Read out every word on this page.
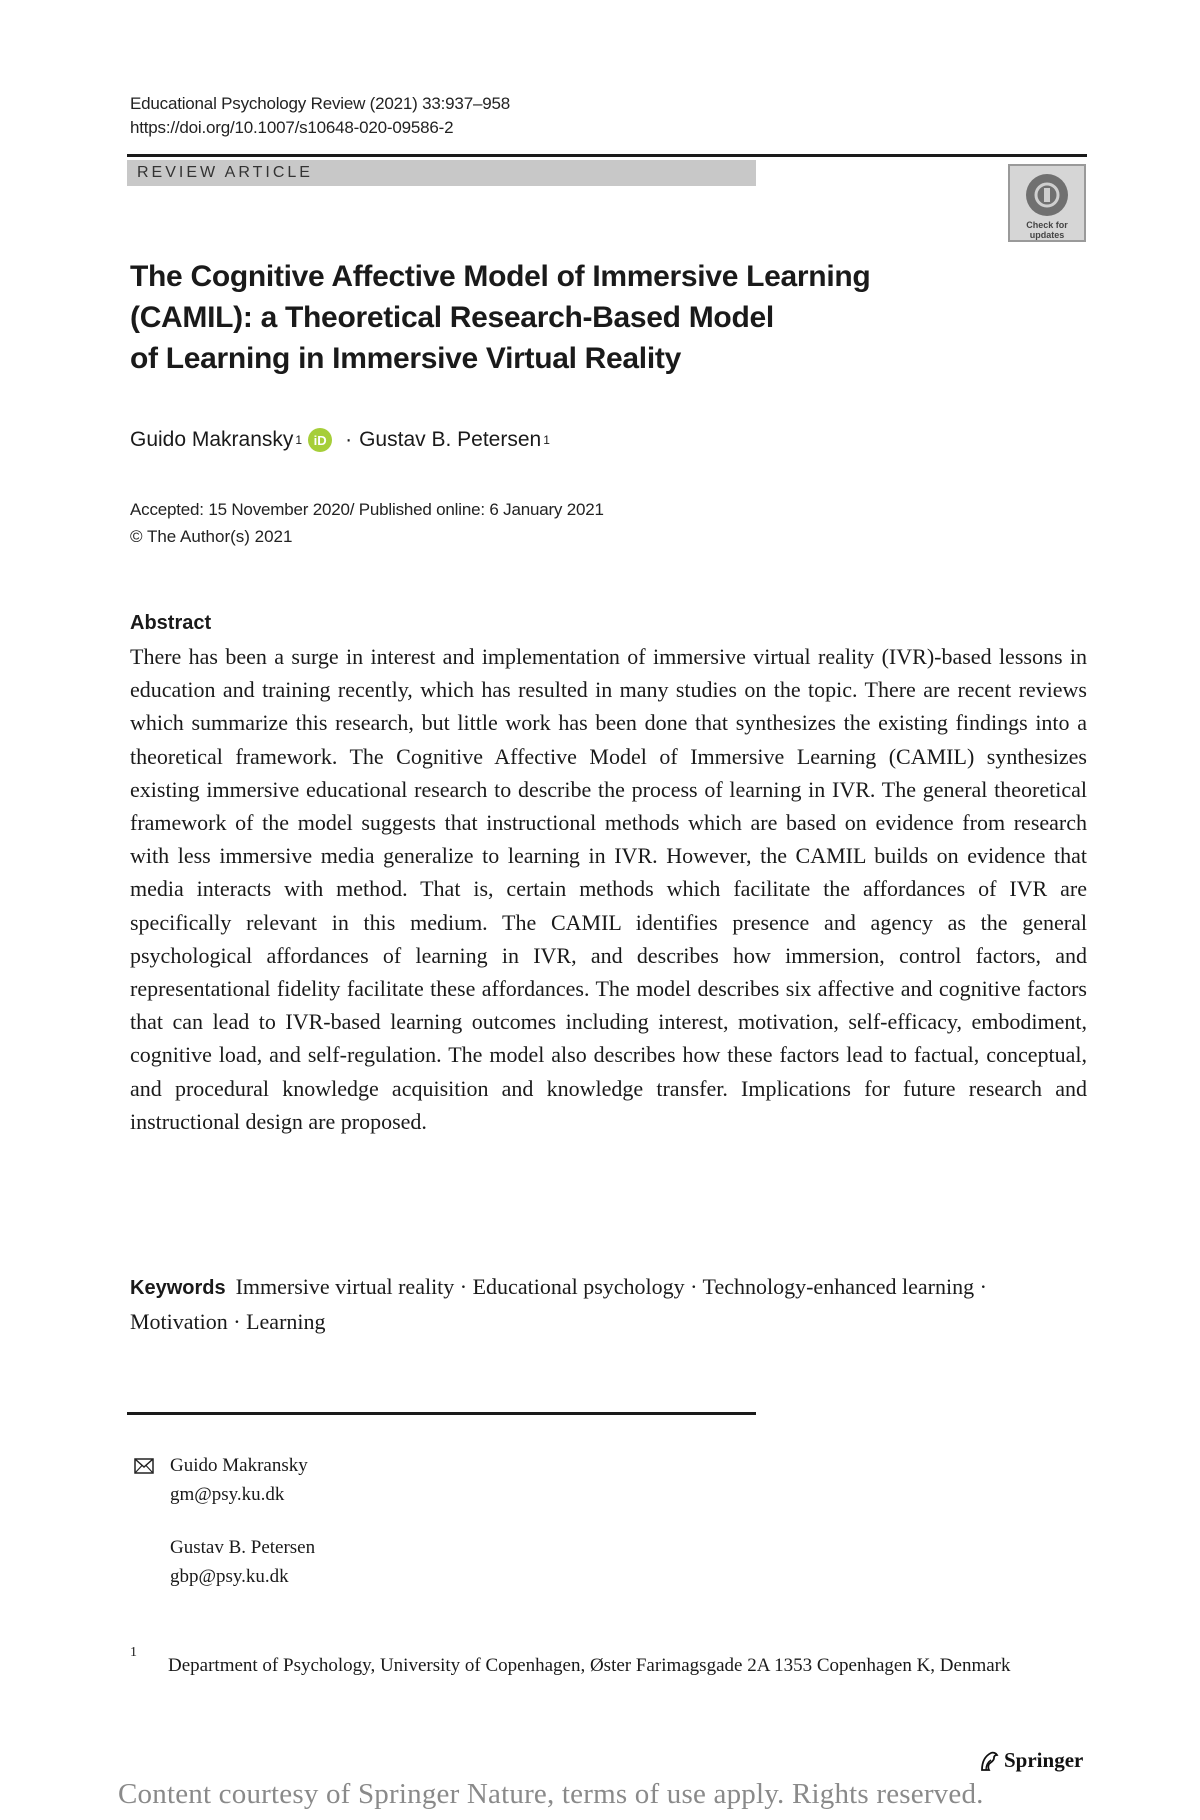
Educational Psychology Review (2021) 33:937–958
https://doi.org/10.1007/s10648-020-09586-2
REVIEW ARTICLE
Check for updates
The Cognitive Affective Model of Immersive Learning
(CAMIL): a Theoretical Research-Based Model
of Learning in Immersive Virtual Reality
Guido Makransky 1 iD · Gustav B. Petersen 1
Accepted: 15 November 2020/ Published online: 6 January 2021
© The Author(s) 2021
Abstract

There has been a surge in interest and implementation of immersive virtual reality (IVR)-based lessons in education and training recently, which has resulted in many studies on the topic. There are recent reviews which summarize this research, but little work has been done that synthesizes the existing findings into a theoretical framework. The Cognitive Affective Model of Immersive Learning (CAMIL) synthesizes existing immersive educational research to describe the process of learning in IVR. The general theoretical framework of the model suggests that instructional methods which are based on evidence from research with less immersive media generalize to learning in IVR. However, the CAMIL builds on evidence that media interacts with method. That is, certain methods which facilitate the affordances of IVR are specifically relevant in this medium. The CAMIL identifies presence and agency as the general psychological affordances of learning in IVR, and describes how immersion, control factors, and representational fidelity facilitate these affordances. The model describes six affective and cognitive factors that can lead to IVR-based learning outcomes including interest, motivation, self-efficacy, embodiment, cognitive load, and self-regulation. The model also describes how these factors lead to factual, conceptual, and procedural knowledge acquisition and knowledge transfer. Implications for future research and instructional design are proposed.

Keywords Immersive virtual reality · Educational psychology · Technology-enhanced learning · Motivation · Learning
Guido Makransky
gm@psy.ku.dk
Gustav B. Petersen
gbp@psy.ku.dk
1
Department of Psychology, University of Copenhagen, Øster Farimagsgade 2A 1353 Copenhagen K, Denmark
Springer
Content courtesy of Springer Nature, terms of use apply. Rights reserved.
